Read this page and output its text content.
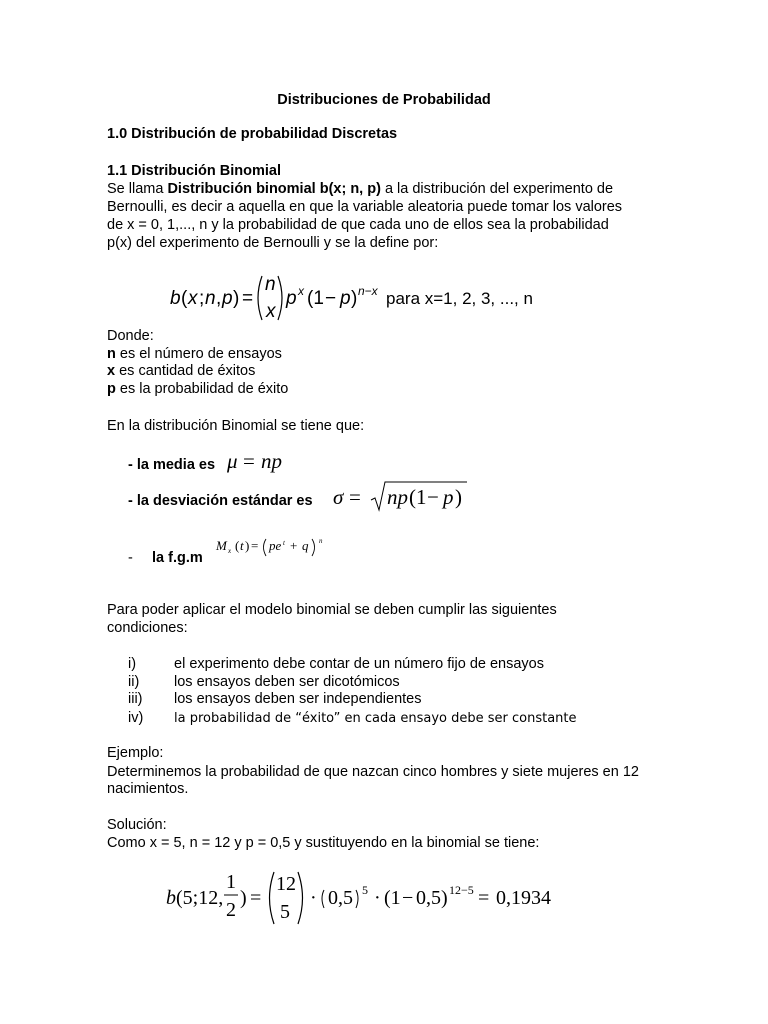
Distribuciones de Probabilidad
1.0 Distribución de probabilidad Discretas
1.1 Distribución Binomial
Se llama Distribución binomial b(x; n, p) a la distribución del experimento de
Bernoulli, es decir a aquella en que la variable aleatoria puede tomar los valores
de x = 0, 1,..., n y la probabilidad de que cada uno de ellos sea la probabilidad
p(x) del experimento de Bernoulli y se la define por:
b ( x ; n , p ) =
n
x
p x (1 − p ) n−x para x=1, 2, 3, ..., n
Donde:
n es el número de ensayos
x es cantidad de éxitos
p es la probabilidad de éxito
En la distribución Binomial se tiene que:
- la media es μ = np
- la desviación estándar es σ = np (1 − p )
- la f.g.m
M x ( t ) = pe t + q n
Para poder aplicar el modelo binomial se deben cumplir las siguientes
condiciones:
i)	el experimento debe contar de un número fijo de ensayos
ii) los ensayos deben ser dicotómicos
iii) los ensayos deben ser independientes
iv) la probabilidad de “éxito” en cada ensayo debe ser constante
Ejemplo:
Determinemos la probabilidad de que nazcan cinco hombres y siete mujeres en 12
nacimientos.
Solución:
Como x = 5, n = 12 y p = 0,5 y sustituyendo en la binomial se tiene:
b (5;12,
1
2
) =
12
5
· 0,5 5 · (1 − 0,5) 12−5 = 0,1934
